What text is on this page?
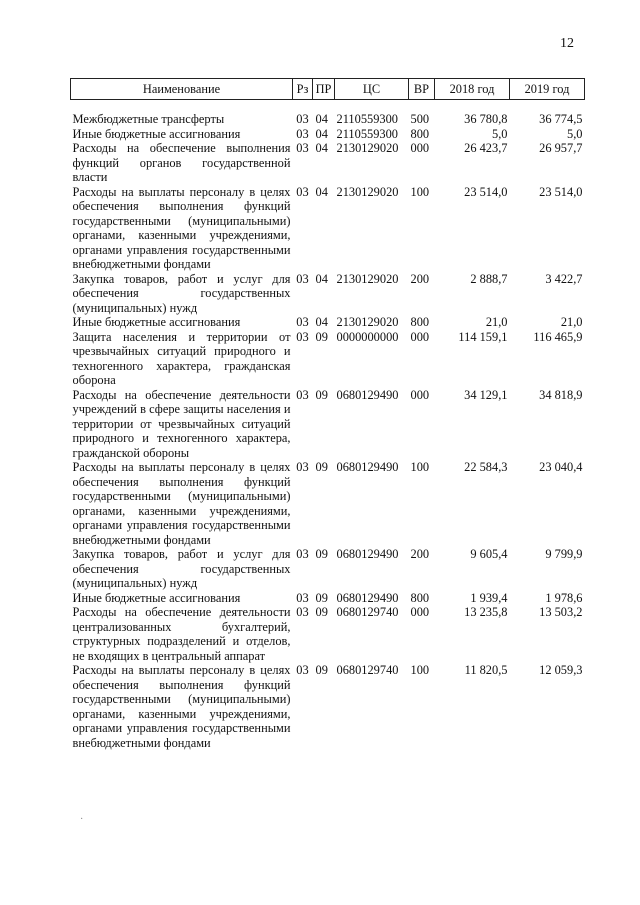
12
Наименование	Рз	ПР	ЦС	ВР	2018 год	2019 год

Межбюджетные трансферты	03	04	2110559300	500	36 780,8	36 774,5
Иные бюджетные ассигнования	03	04	2110559300	800	5,0	5,0
Расходы на обеспечение выполнения функций органов государственной власти	03	04	2130129020	000	26 423,7	26 957,7
Расходы на выплаты персоналу в целях обеспечения выполнения функций государственными (муниципальными) органами, казенными учреждениями, органами управления государственными внебюджетными фондами	03	04	2130129020	100	23 514,0	23 514,0
Закупка товаров, работ и услуг для обеспечения государственных (муниципальных) нужд	03	04	2130129020	200	2 888,7	3 422,7
Иные бюджетные ассигнования	03	04	2130129020	800	21,0	21,0
Защита населения и территории от чрезвычайных ситуаций природного и техногенного характера, гражданская оборона	03	09	0000000000	000	114 159,1	116 465,9
Расходы на обеспечение деятельности учреждений в сфере защиты населения и территории от чрезвычайных ситуаций природного и техногенного характера, гражданской обороны	03	09	0680129490	000	34 129,1	34 818,9
Расходы на выплаты персоналу в целях обеспечения выполнения функций государственными (муниципальными) органами, казенными учреждениями, органами управления государственными внебюджетными фондами	03	09	0680129490	100	22 584,3	23 040,4
Закупка товаров, работ и услуг для обеспечения государственных (муниципальных) нужд	03	09	0680129490	200	9 605,4	9 799,9
Иные бюджетные ассигнования	03	09	0680129490	800	1 939,4	1 978,6
Расходы на обеспечение деятельности централизованных бухгалтерий, структурных подразделений и отделов, не входящих в центральный аппарат	03	09	0680129740	000	13 235,8	13 503,2
Расходы на выплаты персоналу в целях обеспечения выполнения функций государственными (муниципальными) органами, казенными учреждениями, органами управления государственными внебюджетными фондами	03	09	0680129740	100	11 820,5	12 059,3
·
